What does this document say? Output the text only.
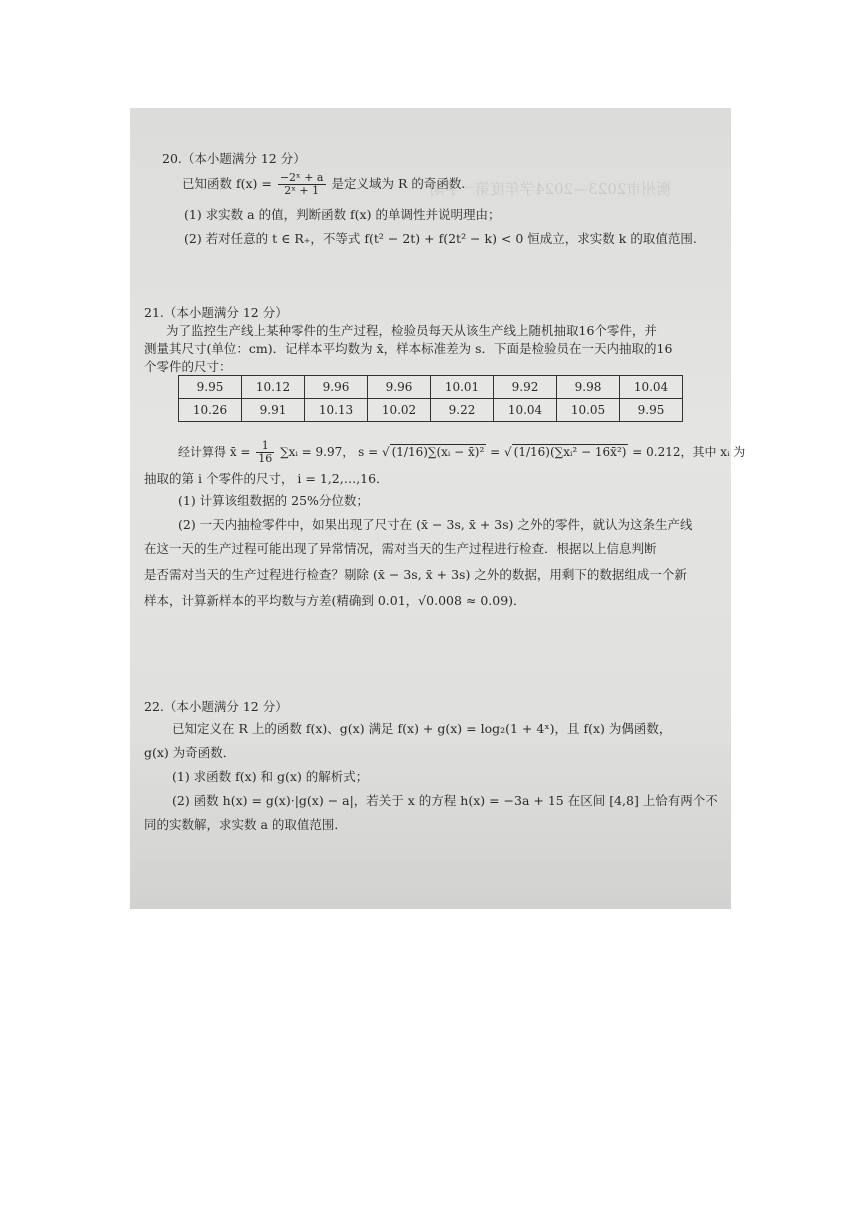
衡州市2023—2024学年度第一学期
20.（本小题满分 12 分）
已知函数 $f(x) = \frac{\text{−2ˣ + a}}{\text{2ˣ + 1}}$ 是定义域为 R 的奇函数.
(1) 求实数 a 的值，判断函数 f(x) 的单调性并说明理由；
(2) 若对任意的 t ∈ R₊，不等式 f(t² − 2t) + f(2t² − k) < 0 恒成立，求实数 k 的取值范围.
21.（本小题满分 12 分）
为了监控生产线上某种零件的生产过程，检验员每天从该生产线上随机抽取16个零件，并
测量其尺寸(单位：cm)．记样本平均数为 x̄，样本标准差为 s．下面是检验员在一天内抽取的16
个零件的尺寸：
9.95	10.12	9.96	9.96	10.01	9.92	9.98	10.04
10.26	9.91	10.13	10.02	9.22	10.04	10.05	9.95
经计算得 x̄ = $\frac{1}{16}$ ∑xᵢ = 9.97， s = √ (1/16)∑(xᵢ − x̄)² = √ (1/16)(∑xᵢ² − 16x̄²) = 0.212，其中 xᵢ 为
抽取的第 i 个零件的尺寸， i = 1,2,…,16．
(1) 计算该组数据的 25%分位数；
(2) 一天内抽检零件中，如果出现了尺寸在 (x̄ − 3s, x̄ + 3s) 之外的零件，就认为这条生产线
在这一天的生产过程可能出现了异常情况，需对当天的生产过程进行检查．根据以上信息判断
是否需对当天的生产过程进行检查？剔除 (x̄ − 3s, x̄ + 3s) 之外的数据，用剩下的数据组成一个新
样本，计算新样本的平均数与方差(精确到 0.01，√0.008 ≈ 0.09)．
22.（本小题满分 12 分）
已知定义在 R 上的函数 f(x)、g(x) 满足 f(x) + g(x) = log₂(1 + 4ˣ)，且 f(x) 为偶函数，
g(x) 为奇函数．
(1) 求函数 f(x) 和 g(x) 的解析式；
(2) 函数 h(x) = g(x)·|g(x) − a|，若关于 x 的方程 h(x) = −3a + 15 在区间 [4,8] 上恰有两个不
同的实数解，求实数 a 的取值范围．
